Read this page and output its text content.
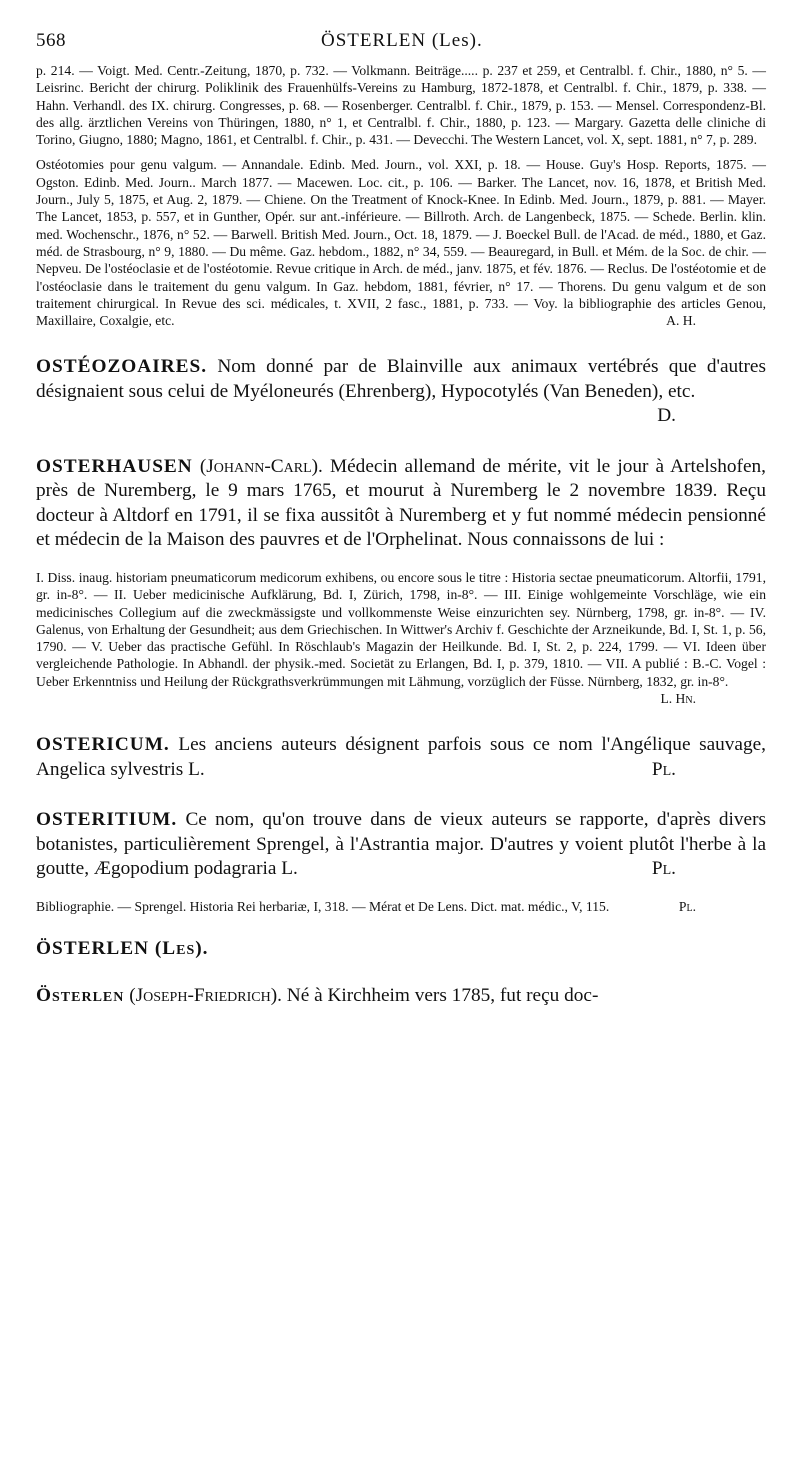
568	ÖSTERLEN (Les).

p. 214. — Voigt. Med. Centr.-Zeitung, 1870, p. 732. — Volkmann. Beiträge..... p. 237 et 259, et Centralbl. f. Chir., 1880, n° 5. — Leisrinc. Bericht der chirurg. Poliklinik des Frauenhülfs-Vereins zu Hamburg, 1872-1878, et Centralbl. f. Chir., 1879, p. 338. — Hahn. Verhandl. des IX. chirurg. Congresses, p. 68. — Rosenberger. Centralbl. f. Chir., 1879, p. 153. — Mensel. Correspondenz-Bl. des allg. ärztlichen Vereins von Thüringen, 1880, n° 1, et Centralbl. f. Chir., 1880, p. 123. — Margary. Gazetta delle cliniche di Torino, Giugno, 1880; Magno, 1861, et Centralbl. f. Chir., p. 431. — Devecchi. The Western Lancet, vol. X, sept. 1881, n° 7, p. 289.

Ostéotomies pour genu valgum. — Annandale. Edinb. Med. Journ., vol. XXI, p. 18. — House. Guy's Hosp. Reports, 1875. — Ogston. Edinb. Med. Journ.. March 1877. — Macewen. Loc. cit., p. 106. — Barker. The Lancet, nov. 16, 1878, et British Med. Journ., July 5, 1875, et Aug. 2, 1879. — Chiene. On the Treatment of Knock-Knee. In Edinb. Med. Journ., 1879, p. 881. — Mayer. The Lancet, 1853, p. 557, et in Gunther, Opér. sur ant.-inférieure. — Billroth. Arch. de Langenbeck, 1875. — Schede. Berlin. klin. med. Wochenschr., 1876, n° 52. — Barwell. British Med. Journ., Oct. 18, 1879. — J. Boeckel Bull. de l'Acad. de méd., 1880, et Gaz. méd. de Strasbourg, n° 9, 1880. — Du même. Gaz. hebdom., 1882, n° 34, 559. — Beauregard, in Bull. et Mém. de la Soc. de chir. — Nepveu. De l'ostéoclasie et de l'ostéotomie. Revue critique in Arch. de méd., janv. 1875, et fév. 1876. — Reclus. De l'ostéotomie et de l'ostéoclasie dans le traitement du genu valgum. In Gaz. hebdom, 1881, février, n° 17. — Thorens. Du genu valgum et de son traitement chirurgical. In Revue des sci. médicales, t. XVII, 2 fasc., 1881, p. 733. — Voy. la bibliographie des articles Genou, Maxillaire, Coxalgie, etc.	A. H.

OSTÉOZOAIRES. Nom donné par de Blainville aux animaux vertébrés que d'autres désignaient sous celui de Myéloneurés (Ehrenberg), Hypocotylés (Van Beneden), etc.
D.

OSTERHAUSEN (Johann-Carl). Médecin allemand de mérite, vit le jour à Artelshofen, près de Nuremberg, le 9 mars 1765, et mourut à Nuremberg le 2 novembre 1839. Reçu docteur à Altdorf en 1791, il se fixa aussitôt à Nuremberg et y fut nommé médecin pensionné et médecin de la Maison des pauvres et de l'Orphelinat. Nous connaissons de lui :

I. Diss. inaug. historiam pneumaticorum medicorum exhibens, ou encore sous le titre : Historia sectae pneumaticorum. Altorfii, 1791, gr. in-8°. — II. Ueber medicinische Aufklärung, Bd. I, Zürich, 1798, in-8°. — III. Einige wohlgemeinte Vorschläge, wie ein medicinisches Collegium auf die zweckmässigste und vollkommenste Weise einzurichten sey. Nürnberg, 1798, gr. in-8°. — IV. Galenus, von Erhaltung der Gesundheit; aus dem Griechischen. In Wittwer's Archiv f. Geschichte der Arzneikunde, Bd. I, St. 1, p. 56, 1790. — V. Ueber das practische Gefühl. In Röschlaub's Magazin der Heilkunde. Bd. I, St. 2, p. 224, 1799. — VI. Ideen über vergleichende Pathologie. In Abhandl. der physik.-med. Societät zu Erlangen, Bd. I, p. 379, 1810. — VII. A publié : B.-C. Vogel : Ueber Erkenntniss und Heilung der Rückgrathsverkrümmungen mit Lähmung, vorzüglich der Füsse. Nürnberg, 1832, gr. in-8°.
L. Hn.

OSTERICUM. Les anciens auteurs désignent parfois sous ce nom l'Angélique sauvage, Angelica sylvestris L.	Pl.

OSTERITIUM. Ce nom, qu'on trouve dans de vieux auteurs se rapporte, d'après divers botanistes, particulièrement Sprengel, à l'Astrantia major. D'autres y voient plutôt l'herbe à la goutte, Ægopodium podagraria L.	Pl.

Bibliographie. — Sprengel. Historia Rei herbariæ, I, 318. — Mérat et De Lens. Dict. mat. médic., V, 115.	Pl.

ÖSTERLEN (Les).

Österlen (Joseph-Friedrich). Né à Kirchheim vers 1785, fut reçu doc-
